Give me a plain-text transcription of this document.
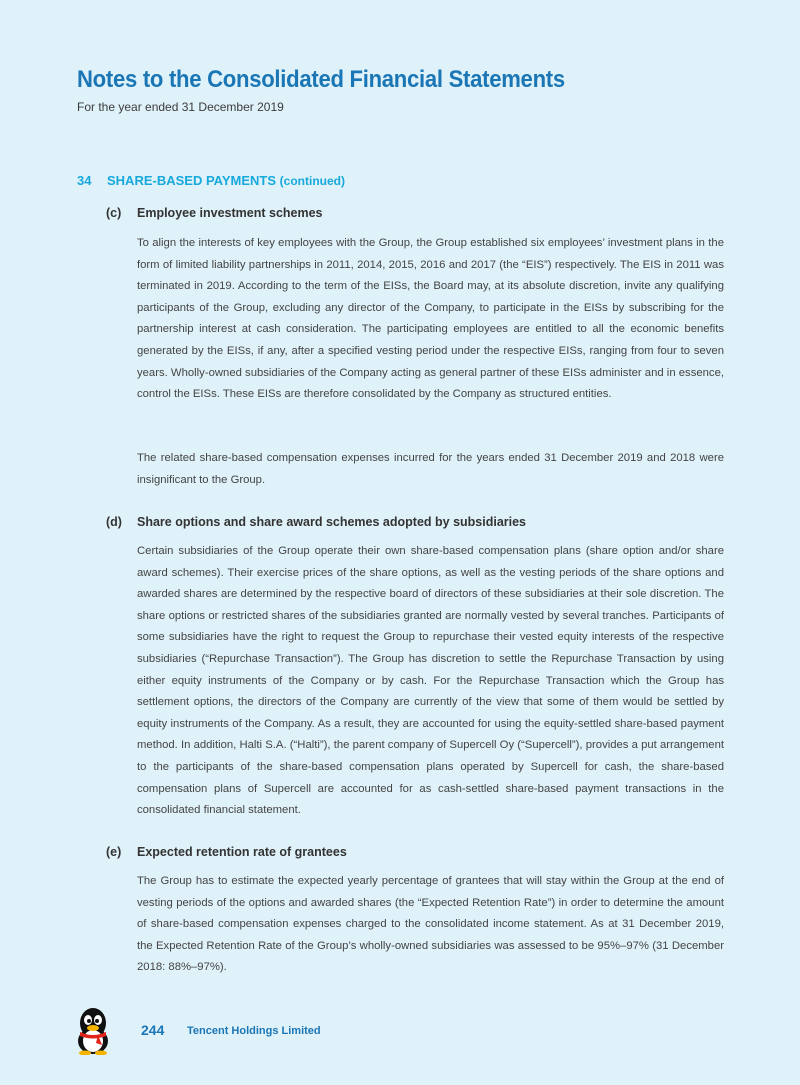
Notes to the Consolidated Financial Statements
For the year ended 31 December 2019
34 SHARE-BASED PAYMENTS (continued)
(c) Employee investment schemes

To align the interests of key employees with the Group, the Group established six employees’ investment plans in the form of limited liability partnerships in 2011, 2014, 2015, 2016 and 2017 (the “EIS”) respectively. The EIS in 2011 was terminated in 2019. According to the term of the EISs, the Board may, at its absolute discretion, invite any qualifying participants of the Group, excluding any director of the Company, to participate in the EISs by subscribing for the partnership interest at cash consideration. The participating employees are entitled to all the economic benefits generated by the EISs, if any, after a specified vesting period under the respective EISs, ranging from four to seven years. Wholly-owned subsidiaries of the Company acting as general partner of these EISs administer and in essence, control the EISs. These EISs are therefore consolidated by the Company as structured entities.

The related share-based compensation expenses incurred for the years ended 31 December 2019 and 2018 were insignificant to the Group.

(d) Share options and share award schemes adopted by subsidiaries

Certain subsidiaries of the Group operate their own share-based compensation plans (share option and/or share award schemes). Their exercise prices of the share options, as well as the vesting periods of the share options and awarded shares are determined by the respective board of directors of these subsidiaries at their sole discretion. The share options or restricted shares of the subsidiaries granted are normally vested by several tranches. Participants of some subsidiaries have the right to request the Group to repurchase their vested equity interests of the respective subsidiaries (“Repurchase Transaction”). The Group has discretion to settle the Repurchase Transaction by using either equity instruments of the Company or by cash. For the Repurchase Transaction which the Group has settlement options, the directors of the Company are currently of the view that some of them would be settled by equity instruments of the Company. As a result, they are accounted for using the equity-settled share-based payment method. In addition, Halti S.A. (“Halti”), the parent company of Supercell Oy (“Supercell”), provides a put arrangement to the participants of the share-based compensation plans operated by Supercell for cash, the share-based compensation plans of Supercell are accounted for as cash-settled share-based payment transactions in the consolidated financial statement.

(e) Expected retention rate of grantees

The Group has to estimate the expected yearly percentage of grantees that will stay within the Group at the end of vesting periods of the options and awarded shares (the “Expected Retention Rate”) in order to determine the amount of share-based compensation expenses charged to the consolidated income statement. As at 31 December 2019, the Expected Retention Rate of the Group’s wholly-owned subsidiaries was assessed to be 95%–97% (31 December 2018: 88%–97%).

244 Tencent Holdings Limited
